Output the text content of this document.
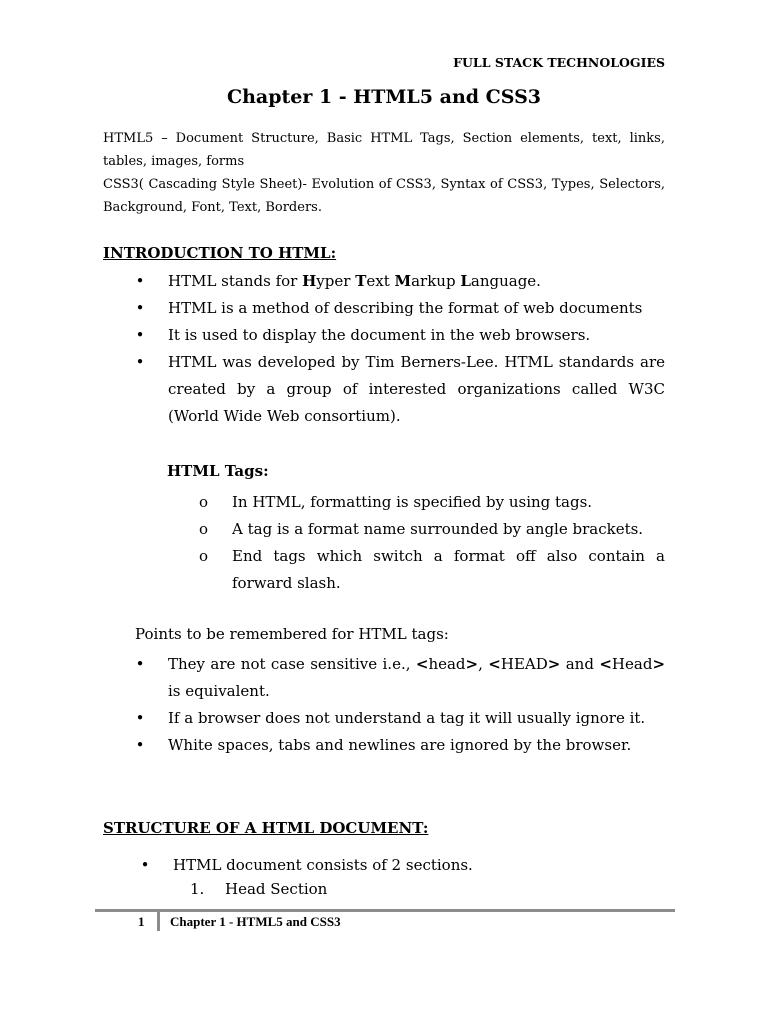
FULL STACK TECHNOLOGIES
Chapter 1 - HTML5 and CSS3

HTML5 – Document Structure, Basic HTML Tags, Section elements, text, links, tables, images, forms

CSS3( Cascading Style Sheet)- Evolution of CSS3, Syntax of CSS3, Types, Selectors, Background, Font, Text, Borders.

INTRODUCTION TO HTML:
• HTML stands for Hyper Text Markup Language.
• HTML is a method of describing the format of web documents
• It is used to display the document in the web browsers.
• HTML was developed by Tim Berners-Lee. HTML standards are created by a group of interested organizations called W3C (World Wide Web consortium).
HTML Tags:
o In HTML, formatting is specified by using tags.
o A tag is a format name surrounded by angle brackets.
o End tags which switch a format off also contain a forward slash.
Points to be remembered for HTML tags:
• They are not case sensitive i.e., <head>, <HEAD> and <Head> is equivalent.
• If a browser does not understand a tag it will usually ignore it.
• White spaces, tabs and newlines are ignored by the browser.
STRUCTURE OF A HTML DOCUMENT:
• HTML document consists of 2 sections.
1. Head Section
1 Chapter 1 - HTML5 and CSS3
